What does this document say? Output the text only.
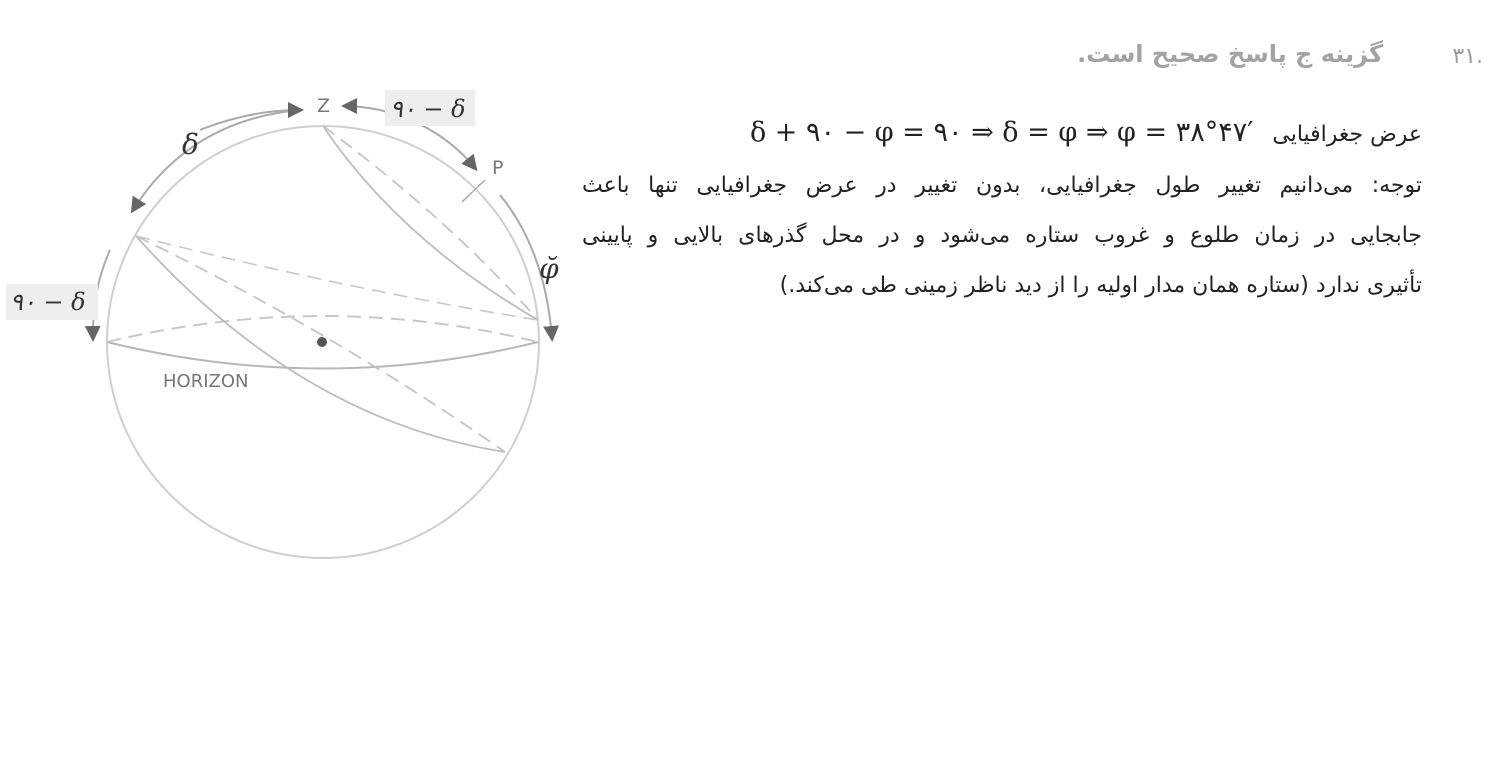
۳۱.
گزینه ج پاسخ صحیح است.
عرض جغرافیایی δ + ۹۰ − φ = ۹۰ ⇒ δ = φ ⇒ φ = ۳۸°۴۷′
توجه: می‌دانیم تغییر طول جغرافیایی، بدون تغییر در عرض جغرافیایی تنها باعث
جابجایی در زمان طلوع و غروب ستاره می‌شود و در محل گذرهای بالایی و پایینی
تأثیری ندارد (ستاره همان مدار اولیه را از دید ناظر زمینی طی می‌کند.)
Z
P
HORIZON
۹۰ − δ
۹۰ − δ
δ
φ̆
